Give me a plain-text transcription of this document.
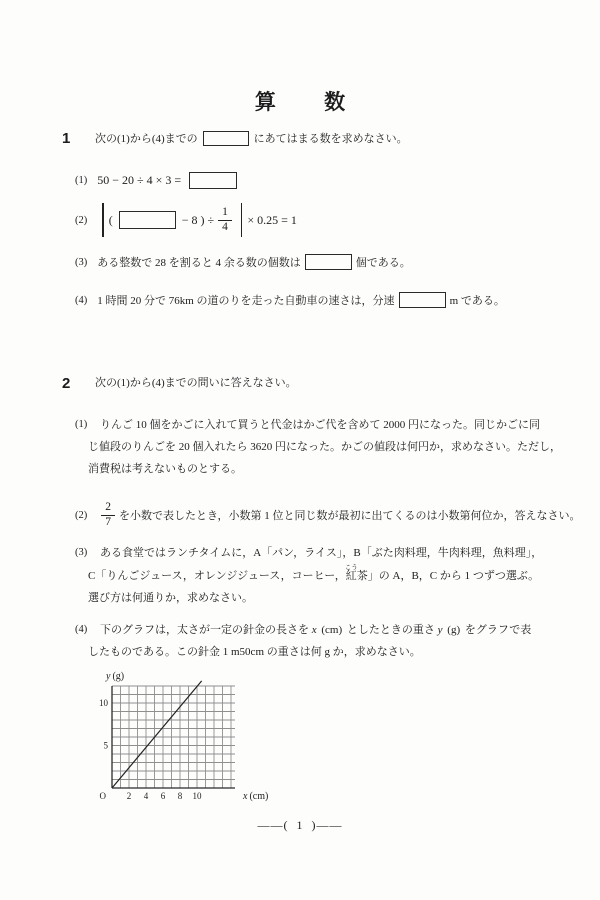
算数
1 次の(1)から(4)までの	にあてはまる数を求めなさい。
(1) 50 − 20 ÷ 4 × 3 =
(2) (	− 8 ) ÷ $\frac{1}{4} \times 0.25 = 1$
(3) ある整数で 28 を割ると 4 余る数の個数は	個である。
(4) 1 時間 20 分で 76km の道のりを走った自動車の速さは，分速	m である。
2 次の(1)から(4)までの問いに答えなさい。
(1)	りんご 10 個をかごに入れて買うと代金はかご代を含めて 2000 円になった。同じかごに同
じ値段のりんごを 20 個入れたら 3620 円になった。かごの値段は何円か，求めなさい。ただし，
消費税は考えないものとする。
$(2) \frac{2}{7}$ を小数で表したとき，小数第 1 位と同じ数が最初に出てくるのは小数第何位か，答えなさい。
(3)	ある食堂ではランチタイムに，A「パン，ライス」，B「ぶた肉料理，牛肉料理，魚料理」，
C「りんごジュース，オレンジジュース，コーヒー，紅こう茶」の A，B，C から 1 つずつ選ぶ。
選び方は何通りか，求めなさい。
(4)	下のグラフは，太さが一定の針金の長さを x (cm) としたときの重さ y (g) をグラフで表
したものである。この針金 1 m50cm の重さは何 g か，求めなさい。
2 4 6 8 10
5
10
O	x (cm)
y (g)
——(  1  )——
